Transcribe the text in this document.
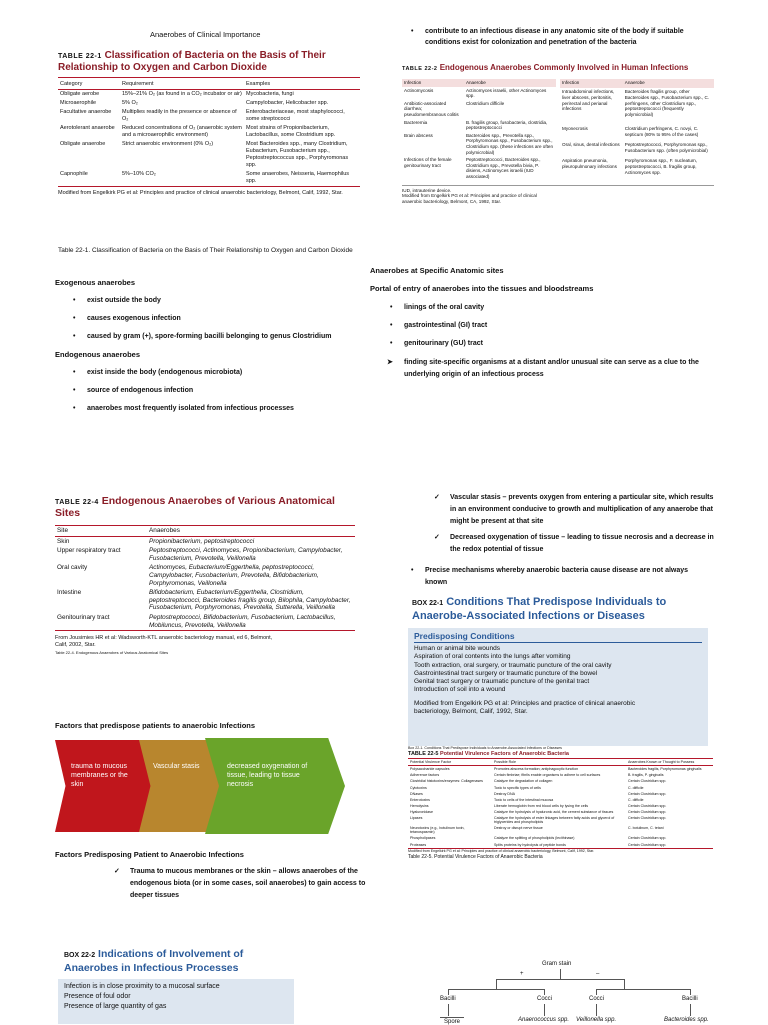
Anaerobes of Clinical Importance
TABLE 22-1 Classification of Bacteria on the Basis of Their Relationship to Oxygen and Carbon Dioxide
Category	Requirement	Examples
Obligate aerobe	15%–21% O₂ (as found in a CO₂ incubator or air)	Mycobacteria, fungi
Microaerophile	5% O₂	Campylobacter, Helicobacter spp.
Facultative anaerobe	Multiplies readily in the presence or absence of O₂	Enterobacteriaceae, most staphylococci, some streptococci
Aerotolerant anaerobe	Reduced concentrations of O₂ (anaerobic system and a microaerophilic environment)	Most strains of Propionibacterium, Lactobacillus, some Clostridium spp.
Obligate anaerobe	Strict anaerobic environment (0% O₂)	Most Bacteroides spp., many Clostridium, Eubacterium, Fusobacterium spp., Peptostreptococcus spp., Porphyromonas spp.
Capnophile	5%–10% CO₂	Some anaerobes, Neisseria, Haemophilus spp.
Modified from Engelkirk PG et al: Principles and practice of clinical anaerobic bacteriology, Belmont, Calif, 1992, Star.
Table 22-1. Classification of Bacteria on the Basis of Their Relationship to Oxygen and Carbon Dioxide
Exogenous anaerobes
• exist outside the body
• causes exogenous infection
• caused by gram (+), spore-forming bacilli belonging to genus Clostridium
Endogenous anaerobes
• exist inside the body (endogenous microbiota)
• source of endogenous infection
• anaerobes most frequently isolated from infectious processes
• contribute to an infectious disease in any anatomic site of the body if suitable conditions exist for colonization and penetration of the bacteria
TABLE 22-2 Endogenous Anaerobes Commonly Involved in Human Infections
Infection	Anaerobe
Actinomycosis	Actinomyces israelii, other Actinomyces spp.
Antibiotic-associated diarrhea; pseudomembranous colitis	Clostridium difficile
Bacteremia	B. fragilis group, fusobacteria, clostridia, peptostreptococci
Brain abscess	Bacteroides spp., Prevotella spp., Porphyromonas spp., Fusobacterium spp., Clostridium spp. (these infections are often polymicrobial)
Infections of the female genitourinary tract	Peptostreptococci, Bacteroides spp., Clostridium spp., Prevotella bivia, P. disiens, Actinomyces israelii (IUD associated)
Infection	Anaerobe
Intraabdominal infections, liver abscess, peritonitis, perirectal and perianal infections	Bacteroides fragilis group, other Bacteroides spp., Fusobacterium spp., C. perfringens, other Clostridium spp., peptostreptococci (frequently polymicrobial)
Myonecrosis	Clostridium perfringens, C. novyi, C. septicum (80% to 95% of the cases)
Oral, sinus, dental infections	Peptostreptococci, Porphyromonas spp., Fusobacterium spp. (often polymicrobial)
Aspiration pneumonia, pleuropulmonary infections	Porphyromonas spp., F. nucleatum, peptostreptococci, B. fragilis group, Actinomyces spp.
IUD, intrauterine device.
Modified from Engelkirk PG et al: Principles and practice of clinical anaerobic bacteriology, Belmont, CA, 1992, Star.
Anaerobes at Specific Anatomic sites
Portal of entry of anaerobes into the tissues and bloodstreams
• linings of the oral cavity
• gastrointestinal (GI) tract
• genitourinary (GU) tract
➤ finding site-specific organisms at a distant and/or unusual site can serve as a clue to the underlying origin of an infectious process
TABLE 22-4 Endogenous Anaerobes of Various Anatomical Sites
Site	Anaerobes
Skin	Propionibacterium, peptostreptococci
Upper respiratory tract	Peptostreptococci, Actinomyces, Propionibacterium, Campylobacter, Fusobacterium, Prevotella, Veillonella
Oral cavity	Actinomyces, Eubacterium/Eggerthella, peptostreptococci, Campylobacter, Fusobacterium, Prevotella, Bifidobacterium, Porphyromonas, Veillonella
Intestine	Bifidobacterium, Eubacterium/Eggerthella, Clostridium, peptostreptococci, Bacteroides fragilis group, Bilophila, Campylobacter, Fusobacterium, Porphyromonas, Prevotella, Sutterella, Veillonella
Genitourinary tract	Peptostreptococci, Bifidobacterium, Fusobacterium, Lactobacillus, Mobiluncus, Prevotella, Veillonella
From Jousimies HR et al: Wadsworth-KTL anaerobic bacteriology manual, ed 6, Belmont, Calif, 2002, Star.
Table 22-4. Endogenous Anaerobes of Various Anatomical Sites
Factors that predispose patients to anaerobic Infections
trauma to mucous membranes or the skin
Vascular stasis	decreased oxygenation of tissue, leading to tissue necrosis
Factors Predisposing Patient to Anaerobic Infections
✓ Trauma to mucous membranes or the skin – allows anaerobes of the endogenous biota (or in some cases, soil anaerobes) to gain access to deeper tissues
✓ Vascular stasis – prevents oxygen from entering a particular site, which results in an environment conducive to growth and multiplication of any anaerobe that might be present at that site
✓ Decreased oxygenation of tissue – leading to tissue necrosis and a decrease in the redox potential of tissue
• Precise mechanisms whereby anaerobic bacteria cause disease are not always known
BOX 22-1 Conditions That Predispose Individuals to Anaerobe-Associated Infections or Diseases
Predisposing Conditions
Human or animal bite wounds
Aspiration of oral contents into the lungs after vomiting
Tooth extraction, oral surgery, or traumatic puncture of the oral cavity
Gastrointestinal tract surgery or traumatic puncture of the bowel
Genital tract surgery or traumatic puncture of the genital tract
Introduction of soil into a wound
Modified from Engelkirk PG et al: Principles and practice of clinical anaerobic bacteriology, Belmont, Calif, 1992, Star.
Box 22-1. Conditions That Predispose Individuals to Anaerobe-Associated Infections or Diseases
TABLE 22-5 Potential Virulence Factors of Anaerobic Bacteria
Potential Virulence Factor	Possible Role	Anaerobes Known or Thought to Possess
Polysaccharide capsules	Promotes abscess formation; antiphagocytic function	Bacteroides fragilis, Porphyromonas gingivalis
Adherence factors	Certain fimbriae; fibrils enable organisms to adhere to cell surfaces	B. fragilis, P. gingivalis
Clostridial histotoxins/enzymes: Collagenases	Catalyze the degradation of collagen	Certain Clostridium spp.
Cytotoxins	Toxic to specific types of cells	C. difficile
DNases	Destroy DNA	Certain Clostridium spp.
Enterotoxins	Toxic to cells of the intestinal mucosa	C. difficile
Hemolysins	Liberate hemoglobin from red blood cells by lysing the cells	Certain Clostridium spp.
Hyaluronidase	Catalyze the hydrolysis of hyaluronic acid, the cement substance of tissues	Certain Clostridium spp.
Lipases	Catalyze the hydrolysis of ester linkages between fatty acids and glycerol of triglycerides and phospholipids	Certain Clostridium spp.
Neurotoxins (e.g., botulinum toxin, tetanospasmin)	Destroy or disrupt nerve tissue	C. botulinum, C. tetani
Phospholipases	Catalyze the splitting of phospholipids (lecithinase)	Certain Clostridium spp.
Proteases	Splits proteins by hydrolysis of peptide bonds	Certain Clostridium spp.
Modified from Engelkirk PG et al: Principles and practice of clinical anaerobic bacteriology, Belmont, Calif, 1992, Star.
Table 22-5. Potential Virulence Factors of Anaerobic Bacteria
BOX 22-2 Indications of Involvement of Anaerobes in Infectious Processes
Infection is in close proximity to a mucosal surface
Presence of foul odor
Presence of large quantity of gas
Gram stain
+	–
Bacilli	Cocci	Cocci	Bacilli
Spore	Anaerococcus spp. Veillonella spp.	Bacteroides spp.
